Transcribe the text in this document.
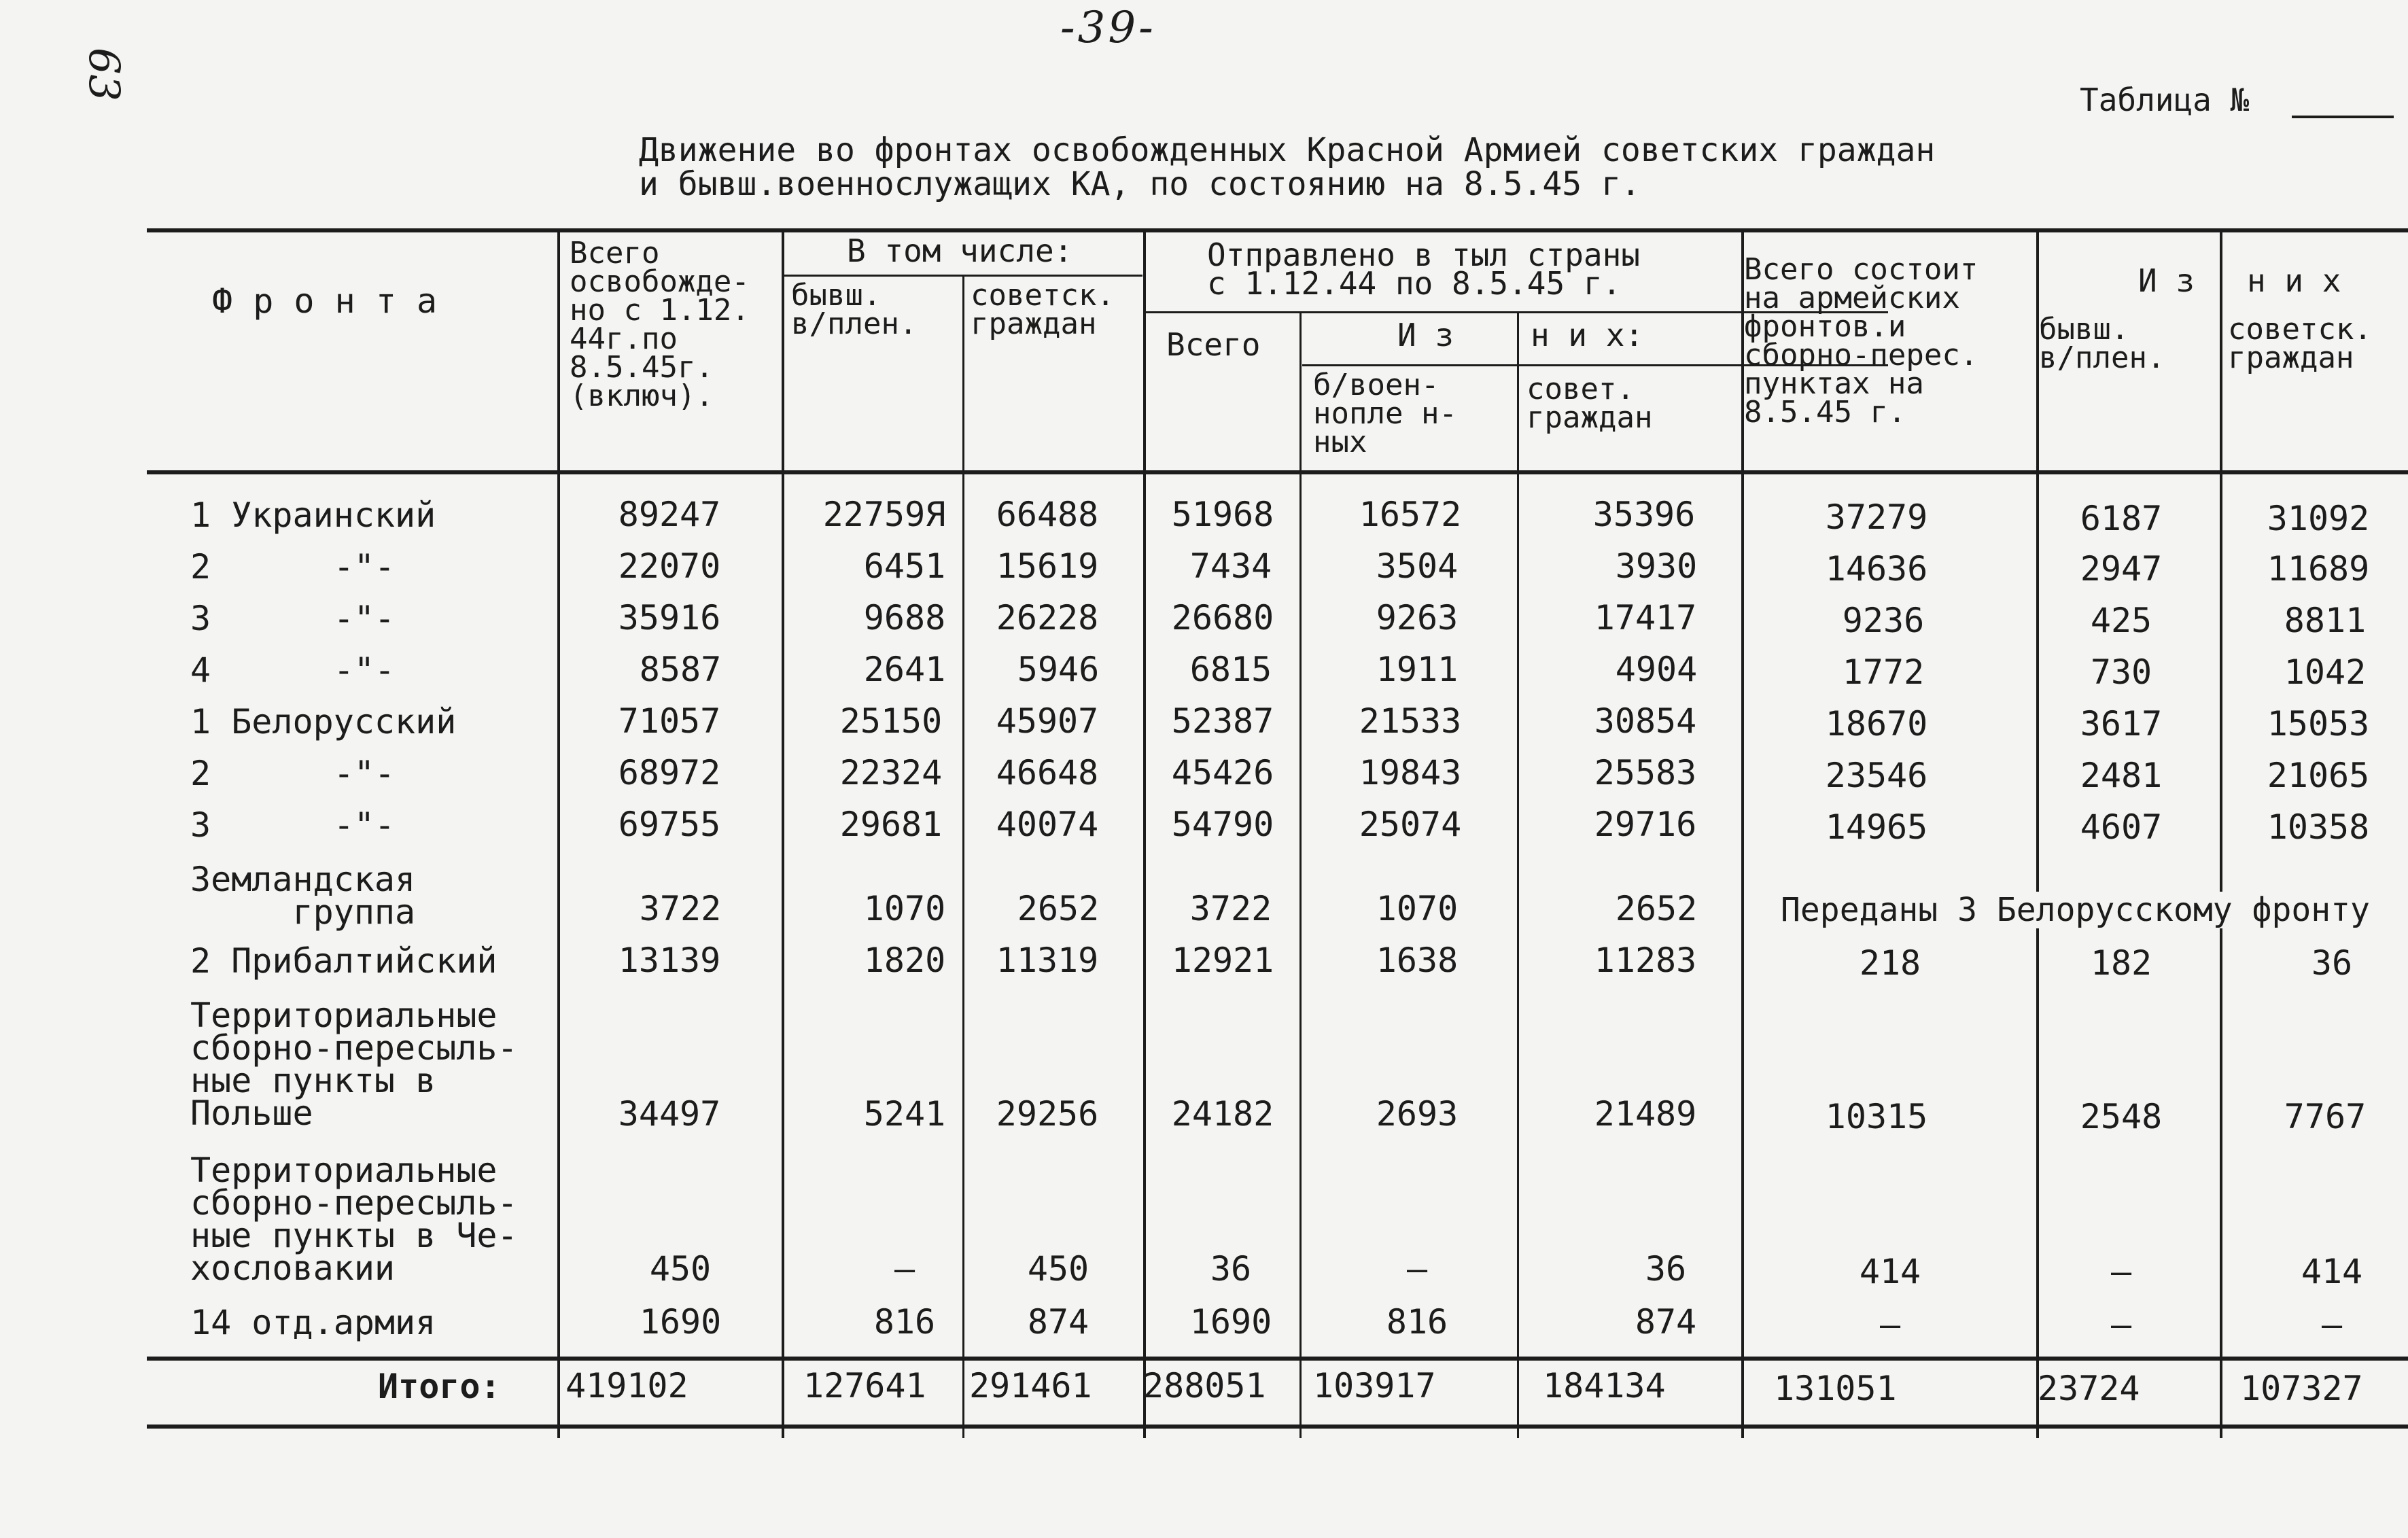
-39-
63	Таблица №
Движение во фронтах освобожденных Красной Армией советских граждан
и бывш.военнослужащих КА, по состоянию на 8.5.45 г.
Ф р о н т а
Всего
освобожде-
но с 1.12.
44г.по
8.5.45г.
(включ).
В том числе:
бывш.
в/плен.
советск.
граждан
Отправлено в тыл страны
с 1.12.44 по 8.5.45 г.
Всего	И з н и х:
б/воен-
нопле н-
ных
совет.
граждан
Всего состоит
на армейских
фронтов.и
сборно-перес.
пунктах на
8.5.45 г.
И з н и х
бывш.
в/плен.
советск.
граждан
1 Украинский	89247	22759Я	66488	51968	16572	35396	37279	6187	31092
2      -"-	22070	6451	15619	7434	3504	3930	14636	2947	11689
3      -"-	35916	9688	26228	26680	9263	17417	9236	425	8811
4      -"-	8587	2641	5946	6815	1911	4904	1772	730	1042
1 Белорусский	71057	25150	45907	52387	21533	30854	18670	3617	15053
2      -"-	68972	22324	46648	45426	19843	25583	23546	2481	21065
3      -"-	69755	29681	40074	54790	25074	29716	14965	4607	10358
Земландская
группа	3722	1070	2652	3722	1070	2652	Переданы 3 Белорусскому фронту
2 Прибалтийский	13139	1820	11319	12921	1638	11283	218	182	36
Территориальные
сборно-пересыль-
ные пункты в
Польше	34497	5241	29256	24182	2693	21489	10315	2548	7767
Территориальные
сборно-пересыль-
ные пункты в Че-
хословакии	450	–	450	36	–	36	414	–	414
14 отд.армия	1690	816	874	1690	816	874	–	–	–
Итого: 419102	127641 291461 288051 103917	184134	131051	23724	107327
